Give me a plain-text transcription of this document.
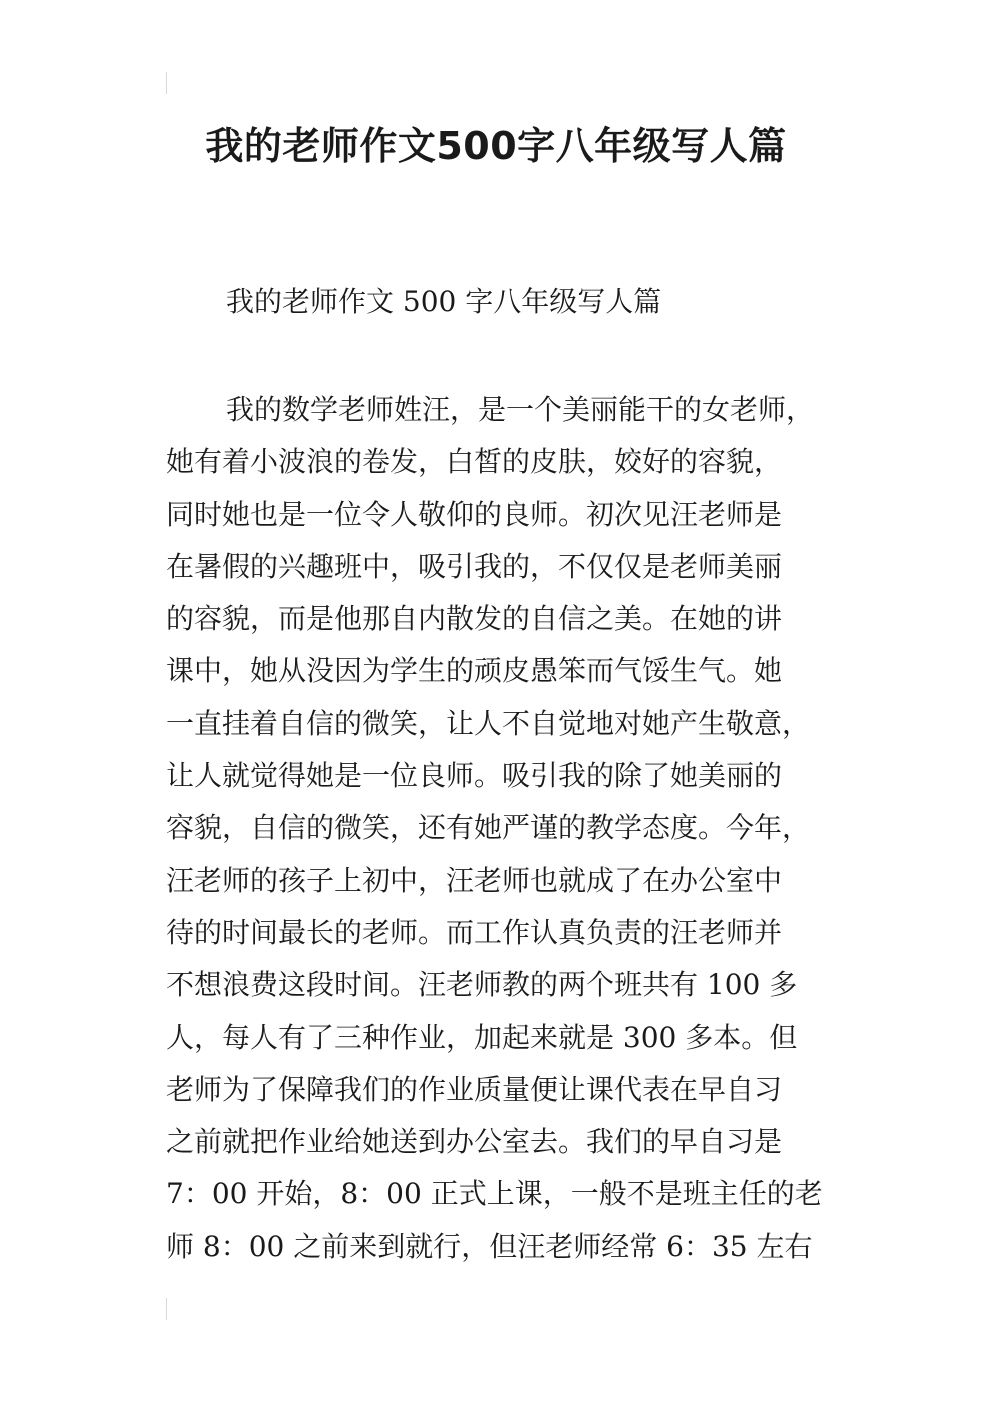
我的老师作文500字八年级写人篇

我的老师作文 500 字八年级写人篇

我的数学老师姓汪，是一个美丽能干的女老师，
她有着小波浪的卷发，白皙的皮肤，姣好的容貌，
同时她也是一位令人敬仰的良师。初次见汪老师是
在暑假的兴趣班中，吸引我的，不仅仅是老师美丽
的容貌，而是他那自内散发的自信之美。在她的讲
课中，她从没因为学生的顽皮愚笨而气馁生气。她
一直挂着自信的微笑，让人不自觉地对她产生敬意，
让人就觉得她是一位良师。吸引我的除了她美丽的
容貌，自信的微笑，还有她严谨的教学态度。今年，
汪老师的孩子上初中，汪老师也就成了在办公室中
待的时间最长的老师。而工作认真负责的汪老师并
不想浪费这段时间。汪老师教的两个班共有 100 多
人，每人有了三种作业，加起来就是 300 多本。但
老师为了保障我们的作业质量便让课代表在早自习
之前就把作业给她送到办公室去。我们的早自习是
7：00 开始，8：00 正式上课，一般不是班主任的老
师 8：00 之前来到就行，但汪老师经常 6：35 左右
